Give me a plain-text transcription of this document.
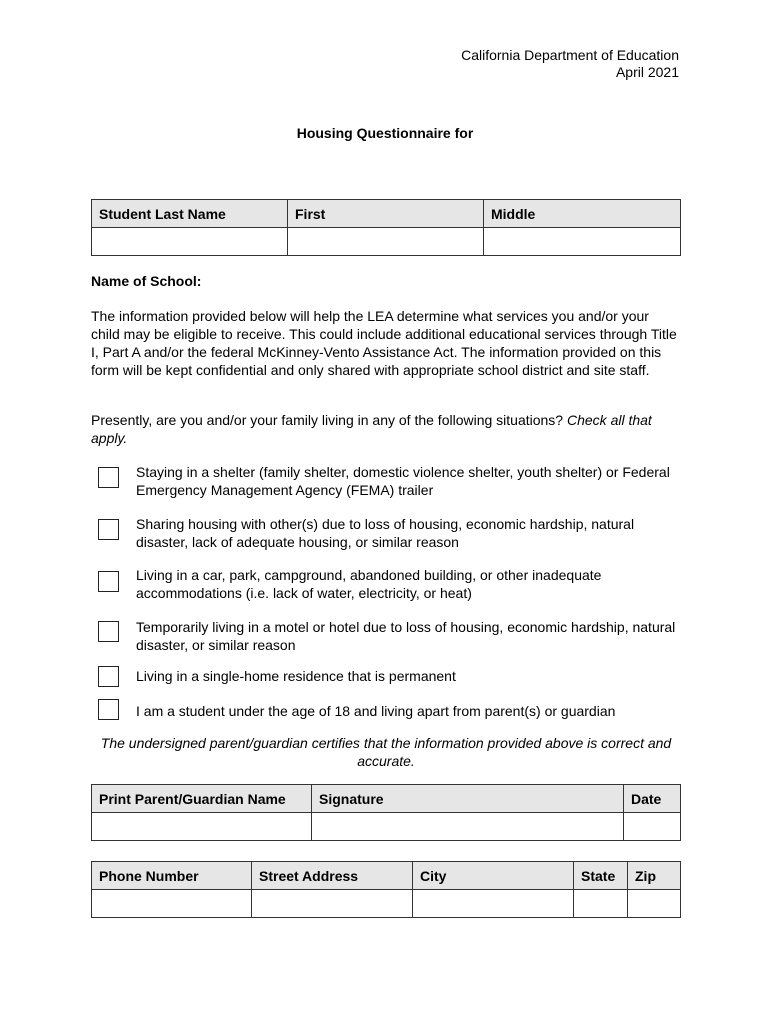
California Department of Education
April 2021
Housing Questionnaire for
Student Last Name	First	Middle

Name of School:
The information provided below will help the LEA determine what services you and/or your child may be eligible to receive. This could include additional educational services through Title I, Part A and/or the federal McKinney-Vento Assistance Act. The information provided on this form will be kept confidential and only shared with appropriate school district and site staff.
Presently, are you and/or your family living in any of the following situations? Check all that apply.
Staying in a shelter (family shelter, domestic violence shelter, youth shelter) or Federal Emergency Management Agency (FEMA) trailer
Sharing housing with other(s) due to loss of housing, economic hardship, natural disaster, lack of adequate housing, or similar reason
Living in a car, park, campground, abandoned building, or other inadequate accommodations (i.e. lack of water, electricity, or heat)
Temporarily living in a motel or hotel due to loss of housing, economic hardship, natural disaster, or similar reason
Living in a single-home residence that is permanent
I am a student under the age of 18 and living apart from parent(s) or guardian
The undersigned parent/guardian certifies that the information provided above is correct and accurate.
Print Parent/Guardian Name	Signature	Date

Phone Number	Street Address	City	State	Zip
